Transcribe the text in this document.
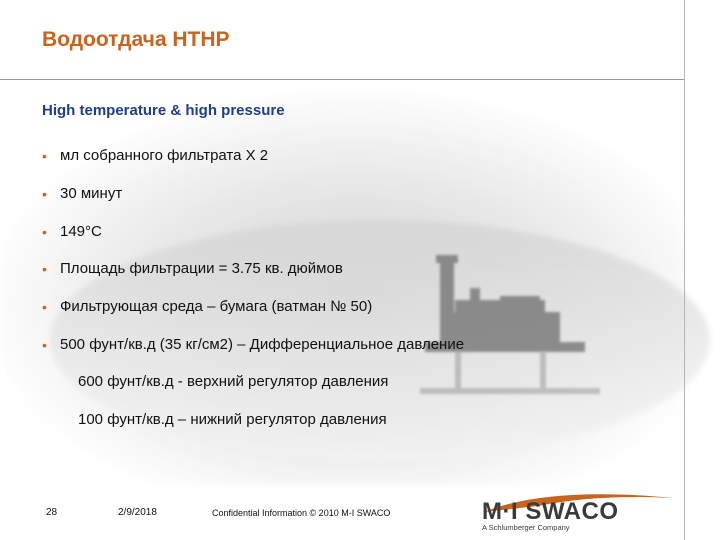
Водоотдача HTHP
High temperature & high pressure
• мл собранного фильтрата Х 2
• 30 минут
• 149°С
• Площадь фильтрации = 3.75 кв. дюймов
• Фильтрующая среда – бумага (ватман № 50)
• 500 фунт/кв.д (35 кг/см2) – Дифференциальное давление
600 фунт/кв.д - верхний регулятор давления
100 фунт/кв.д – нижний регулятор давления
28	2/9/2018	Confidential Information © 2010 M-I SWACO	M·I SWACO
A Schlumberger Company
